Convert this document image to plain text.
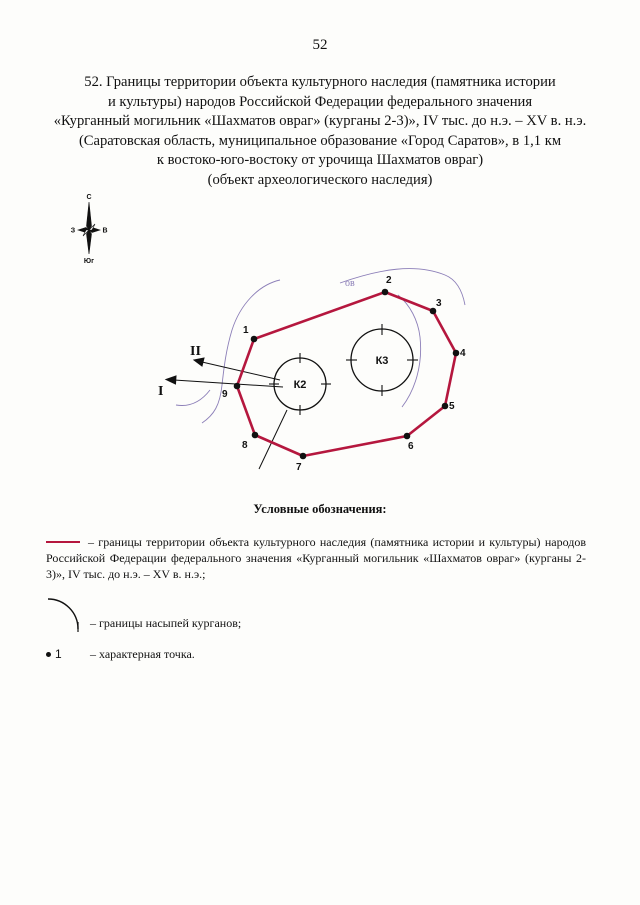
52
52. Границы территории объекта культурного наследия (памятника истории
и культуры) народов Российской Федерации федерального значения
«Курганный могильник «Шахматов овраг» (курганы 2-3)», IV тыс. до н.э. – XV в. н.э.
(Саратовская область, муниципальное образование «Город Саратов», в 1,1 км
к востоко-юго-востоку от урочища Шахматов овраг)
(объект археологического наследия)
С
З	В
Юг
ов
I
II
К2
К3
1
2
3
4
5
6
7
8
9
Условные обозначения:
– границы территории объекта культурного наследия (памятника истории и культуры) народов Российской Федерации федерального значения «Курганный могильник «Шахматов овраг» (курганы 2-3)», IV тыс. до н.э. – XV в. н.э.;
– границы насыпей курганов;
1 – характерная точка.
